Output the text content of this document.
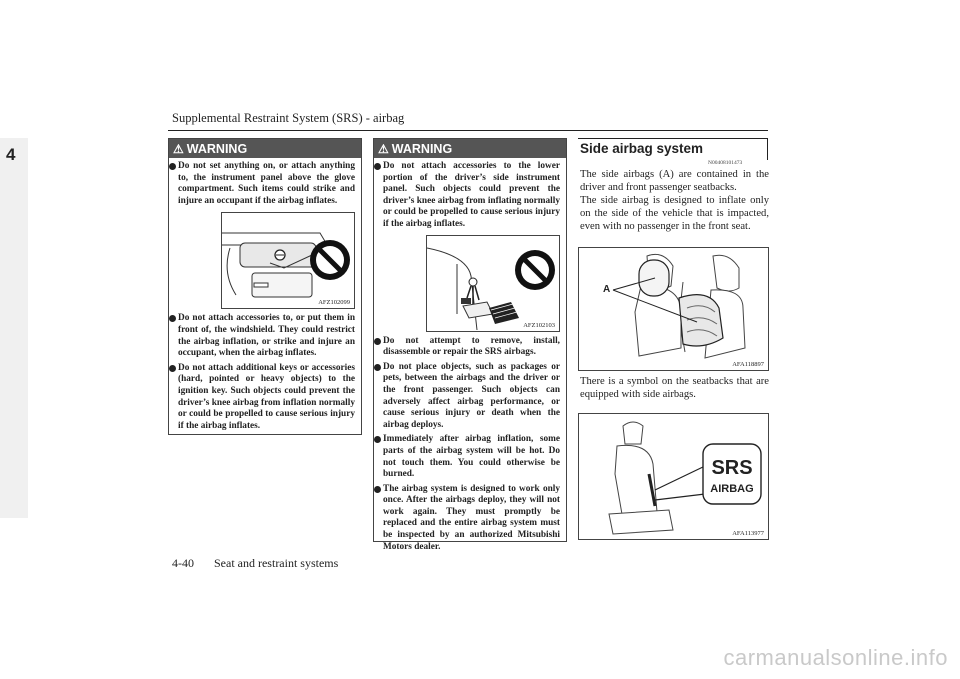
Supplemental Restraint System (SRS) - airbag
4	⚠ WARNING
Do not set anything on, or attach anything to, the instrument panel above the glove compartment. Such items could strike and injure an occupant if the airbag inflates.
AFZ102099
Do not attach accessories to, or put them in front of, the windshield. They could restrict the airbag inflation, or strike and injure an occupant, when the airbag inflates.
Do not attach additional keys or accessories (hard, pointed or heavy objects) to the ignition key. Such objects could prevent the driver’s knee airbag from inflation normally or could be propelled to cause serious injury if the airbag inflates.
⚠ WARNING
Do not attach accessories to the lower portion of the driver’s side instrument panel. Such objects could prevent the driver’s knee airbag from inflating normally or could be propelled to cause serious injury if the airbag inflates.
AFZ102103
Do not attempt to remove, install, disassemble or repair the SRS airbags.
Do not place objects, such as packages or pets, between the airbags and the driver or the front passenger. Such objects can adversely affect airbag performance, or cause serious injury or death when the airbag deploys.
Immediately after airbag inflation, some parts of the airbag system will be hot. Do not touch them. You could otherwise be burned.
The airbag system is designed to work only once. After the airbags deploy, they will not work again. They must promptly be replaced and the entire airbag system must be inspected by an authorized Mitsubishi Motors dealer.
Side airbag system
N00408101473
The side airbags (A) are contained in the driver and front passenger seatbacks.
The side airbag is designed to inflate only on the side of the vehicle that is impacted, even with no passenger in the front seat.
A
AFA118897
There is a symbol on the seatbacks that are equipped with side airbags.
SRS
AIRBAG
AFA113977
4-40 Seat and restraint systems
carmanualsonline.info
